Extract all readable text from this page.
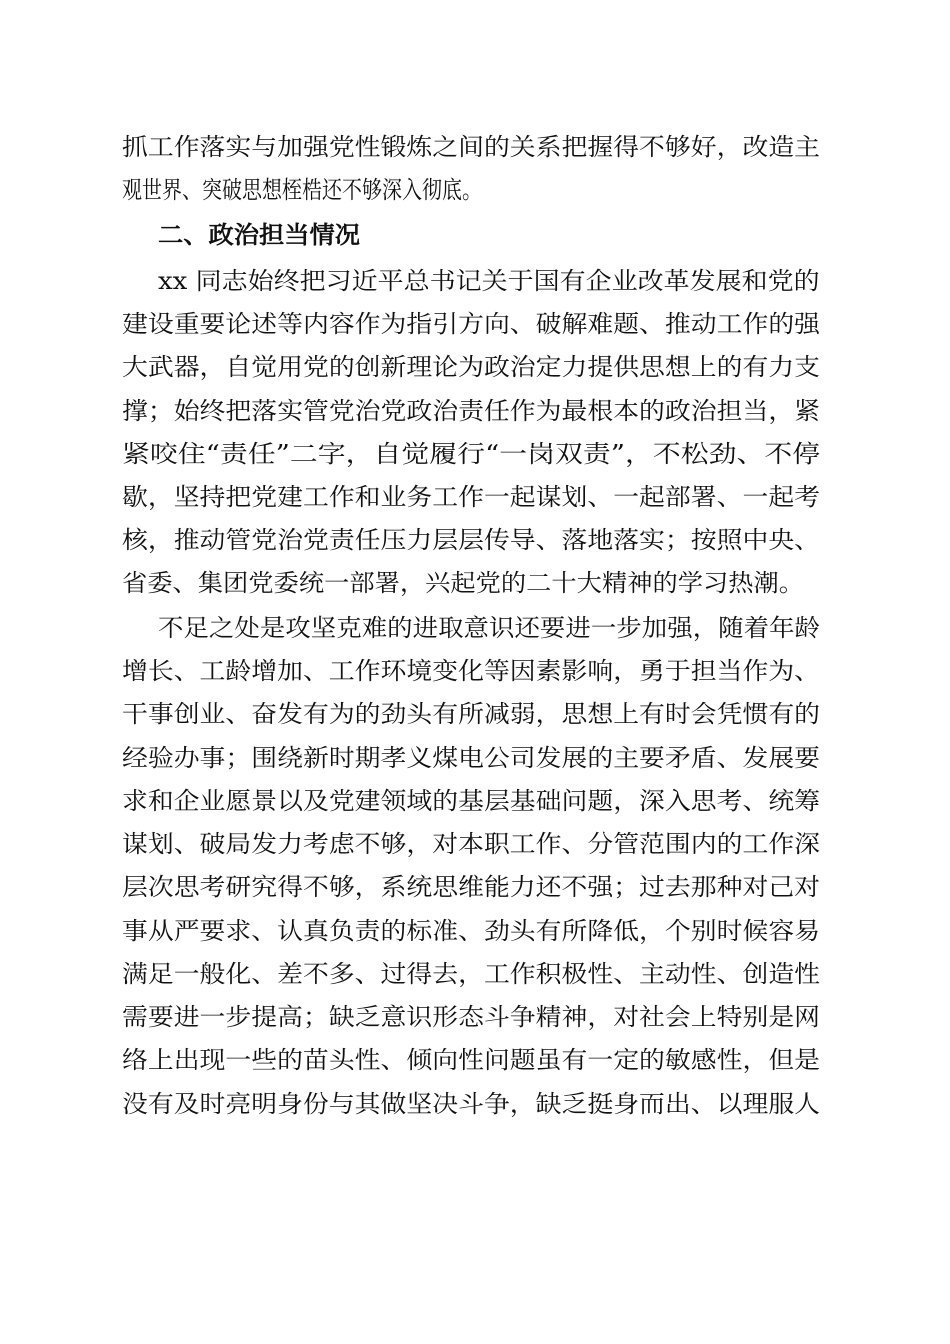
抓工作落实与加强党性锻炼之间的关系把握得不够好，改造主
观世界、突破思想桎梏还不够深入彻底。
二、政治担当情况
xx 同志始终把习近平总书记关于国有企业改革发展和党的
建设重要论述等内容作为指引方向、破解难题、推动工作的强
大武器，自觉用党的创新理论为政治定力提供思想上的有力支
撑；始终把落实管党治党政治责任作为最根本的政治担当，紧
紧咬住“责任”二字，自觉履行“一岗双责”，不松劲、不停
歇，坚持把党建工作和业务工作一起谋划、一起部署、一起考
核，推动管党治党责任压力层层传导、落地落实；按照中央、
省委、集团党委统一部署，兴起党的二十大精神的学习热潮。
不足之处是攻坚克难的进取意识还要进一步加强，随着年龄
增长、工龄增加、工作环境变化等因素影响，勇于担当作为、
干事创业、奋发有为的劲头有所减弱，思想上有时会凭惯有的
经验办事；围绕新时期孝义煤电公司发展的主要矛盾、发展要
求和企业愿景以及党建领域的基层基础问题，深入思考、统筹
谋划、破局发力考虑不够，对本职工作、分管范围内的工作深
层次思考研究得不够，系统思维能力还不强；过去那种对己对
事从严要求、认真负责的标准、劲头有所降低，个别时候容易
满足一般化、差不多、过得去，工作积极性、主动性、创造性
需要进一步提高；缺乏意识形态斗争精神，对社会上特别是网
络上出现一些的苗头性、倾向性问题虽有一定的敏感性，但是
没有及时亮明身份与其做坚决斗争，缺乏挺身而出、以理服人
